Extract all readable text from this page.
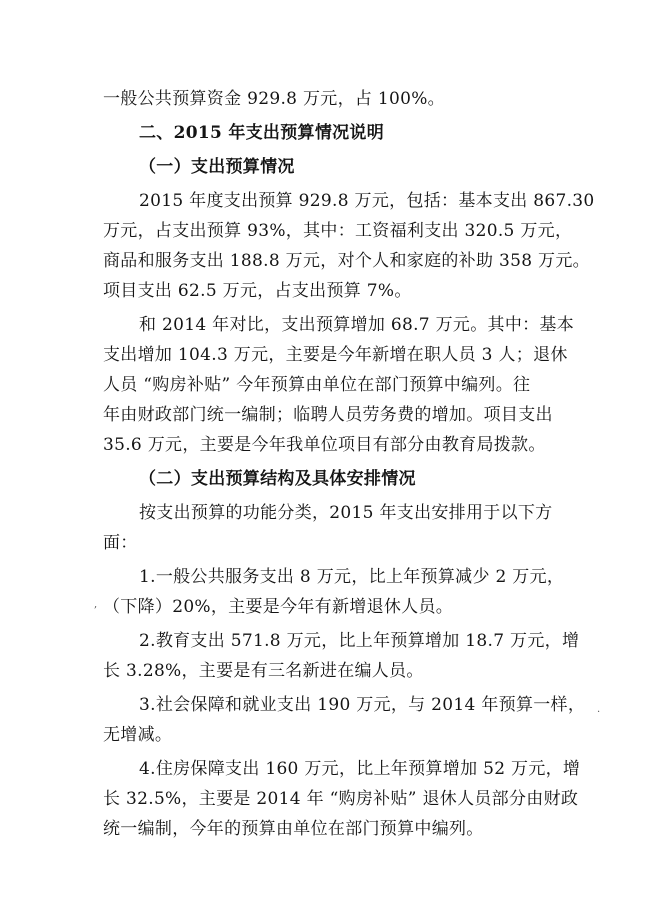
一般公共预算资金 929.8 万元，占 100%。
二、2015 年支出预算情况说明
（一）支出预算情况
2015 年度支出预算 929.8 万元，包括：基本支出 867.30
万元，占支出预算 93%，其中：工资福利支出 320.5 万元，
商品和服务支出 188.8 万元，对个人和家庭的补助 358 万元。
项目支出 62.5 万元，占支出预算 7%。
和 2014 年对比，支出预算增加 68.7 万元。其中：基本
支出增加 104.3 万元，主要是今年新增在职人员 3 人；退休
人员 “购房补贴” 今年预算由单位在部门预算中编列。往
年由财政部门统一编制；临聘人员劳务费的增加。项目支出
35.6 万元，主要是今年我单位项目有部分由教育局拨款。
（二）支出预算结构及具体安排情况
按支出预算的功能分类，2015 年支出安排用于以下方
面：
1.一般公共服务支出 8 万元，比上年预算减少 2 万元，
（下降）20%，主要是今年有新增退休人员。
2.教育支出 571.8 万元，比上年预算增加 18.7 万元，增
长 3.28%，主要是有三名新进在编人员。
3.社会保障和就业支出 190 万元，与 2014 年预算一样，
无增减。
4.住房保障支出 160 万元，比上年预算增加 52 万元，增
长 32.5%，主要是 2014 年 “购房补贴” 退休人员部分由财政
统一编制，今年的预算由单位在部门预算中编列。
,
.
